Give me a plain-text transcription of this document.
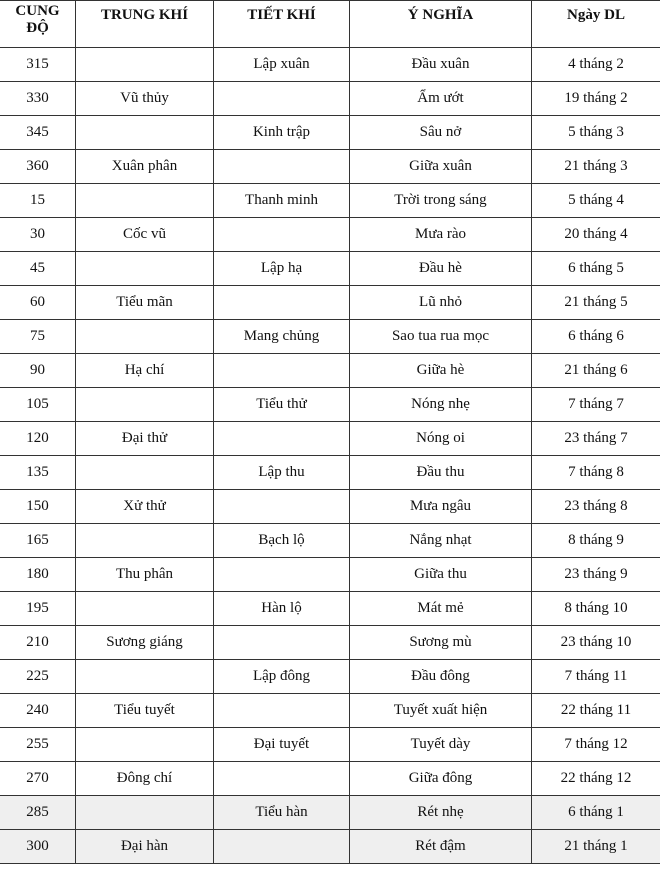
CUNG
ĐỘ	TRUNG KHÍ	TIẾT KHÍ	Ý NGHĨA	Ngày DL
315		Lập xuân	Đầu xuân	4 tháng 2
330	Vũ thủy		Ẩm ướt	19 tháng 2
345		Kinh trập	Sâu nở	5 tháng 3
360	Xuân phân		Giữa xuân	21 tháng 3
15		Thanh minh	Trời trong sáng	5 tháng 4
30	Cốc vũ		Mưa rào	20 tháng 4
45		Lập hạ	Đầu hè	6 tháng 5
60	Tiểu mãn		Lũ nhỏ	21 tháng 5
75		Mang chủng	Sao tua rua mọc	6 tháng 6
90	Hạ chí		Giữa hè	21 tháng 6
105		Tiểu thử	Nóng nhẹ	7 tháng 7
120	Đại thử		Nóng oi	23 tháng 7
135		Lập thu	Đầu thu	7 tháng 8
150	Xử thử		Mưa ngâu	23 tháng 8
165		Bạch lộ	Nắng nhạt	8 tháng 9
180	Thu phân		Giữa thu	23 tháng 9
195		Hàn lộ	Mát mẻ	8 tháng 10
210	Sương giáng		Sương mù	23 tháng 10
225		Lập đông	Đầu đông	7 tháng 11
240	Tiểu tuyết		Tuyết xuất hiện	22 tháng 11
255		Đại tuyết	Tuyết dày	7 tháng 12
270	Đông chí		Giữa đông	22 tháng 12
285		Tiểu hàn	Rét nhẹ	6 tháng 1
300	Đại hàn		Rét đậm	21 tháng 1
